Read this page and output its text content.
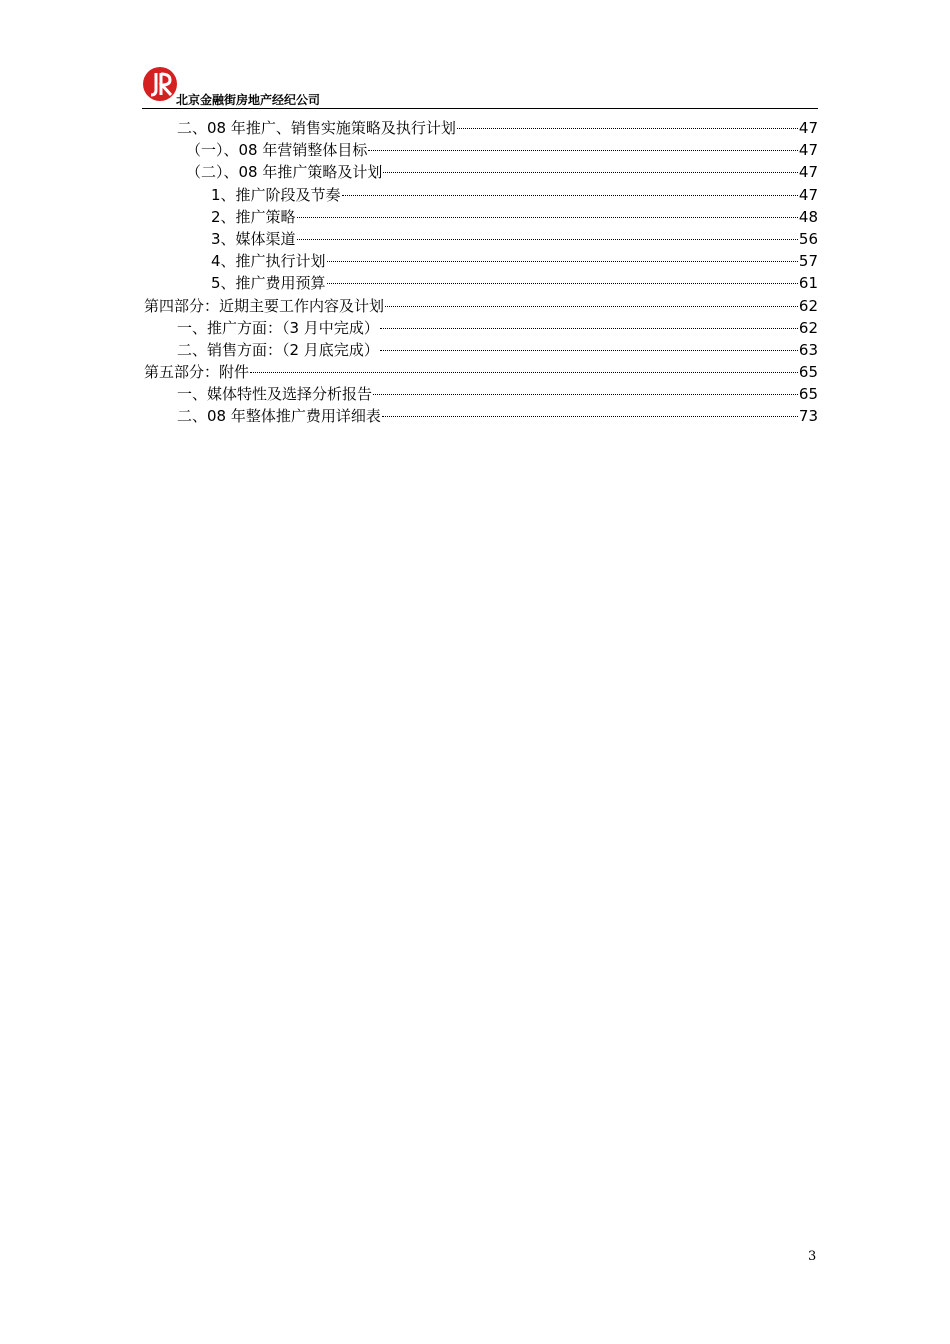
北京金融街房地产经纪公司
二、08 年推广、销售实施策略及执行计划	47
（一）、08 年营销整体目标	47
（二）、08 年推广策略及计划	47
1、推广阶段及节奏	47
2、推广策略	48
3、媒体渠道	56
4、推广执行计划	57
5、推广费用预算	61
第四部分：近期主要工作内容及计划	62
一、推广方面：（3 月中完成）	62
二、销售方面：（2 月底完成）	63
第五部分：附件	65
一、媒体特性及选择分析报告	65
二、08 年整体推广费用详细表	73
3
